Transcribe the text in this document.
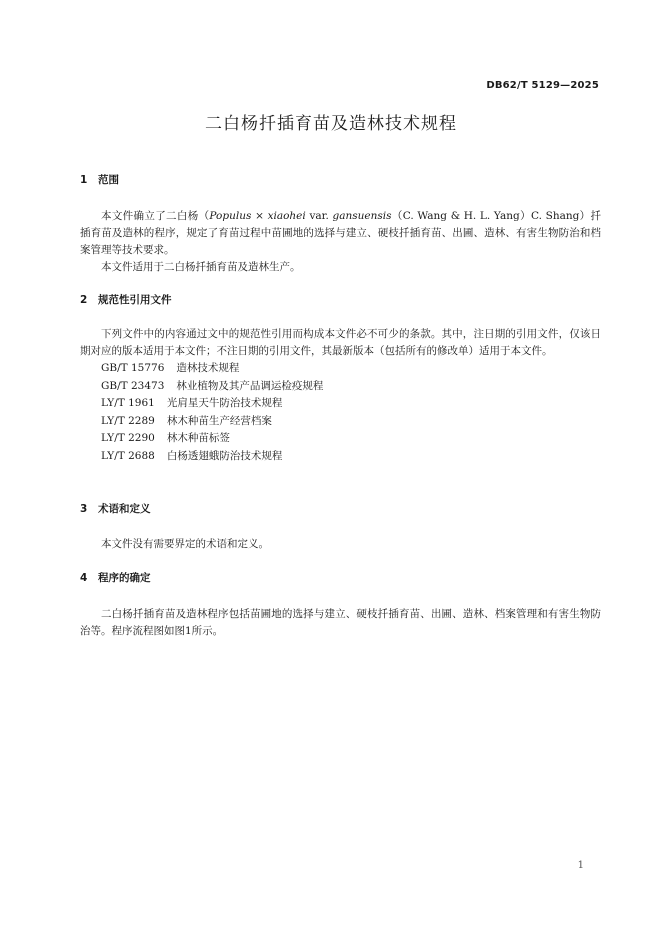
DB62/T 5129—2025
二白杨扦插育苗及造林技术规程
1	范围

本文件确立了二白杨（Populus × xiaohei var. gansuensis（C. Wang & H. L. Yang）C. Shang）扦插育苗及造林的程序，规定了育苗过程中苗圃地的选择与建立、硬枝扦插育苗、出圃、造林、有害生物防治和档案管理等技术要求。

本文件适用于二白杨扦插育苗及造林生产。

2	规范性引用文件

下列文件中的内容通过文中的规范性引用而构成本文件必不可少的条款。其中，注日期的引用文件，仅该日期对应的版本适用于本文件；不注日期的引用文件，其最新版本（包括所有的修改单）适用于本文件。

GB/T 15776 造林技术规程
GB/T 23473 林业植物及其产品调运检疫规程
LY/T 1961 光肩星天牛防治技术规程
LY/T 2289 林木种苗生产经营档案
LY/T 2290 林木种苗标签
LY/T 2688 白杨透翅蛾防治技术规程
3	术语和定义

本文件没有需要界定的术语和定义。

4	程序的确定

二白杨扦插育苗及造林程序包括苗圃地的选择与建立、硬枝扦插育苗、出圃、造林、档案管理和有害生物防治等。程序流程图如图1所示。

1
